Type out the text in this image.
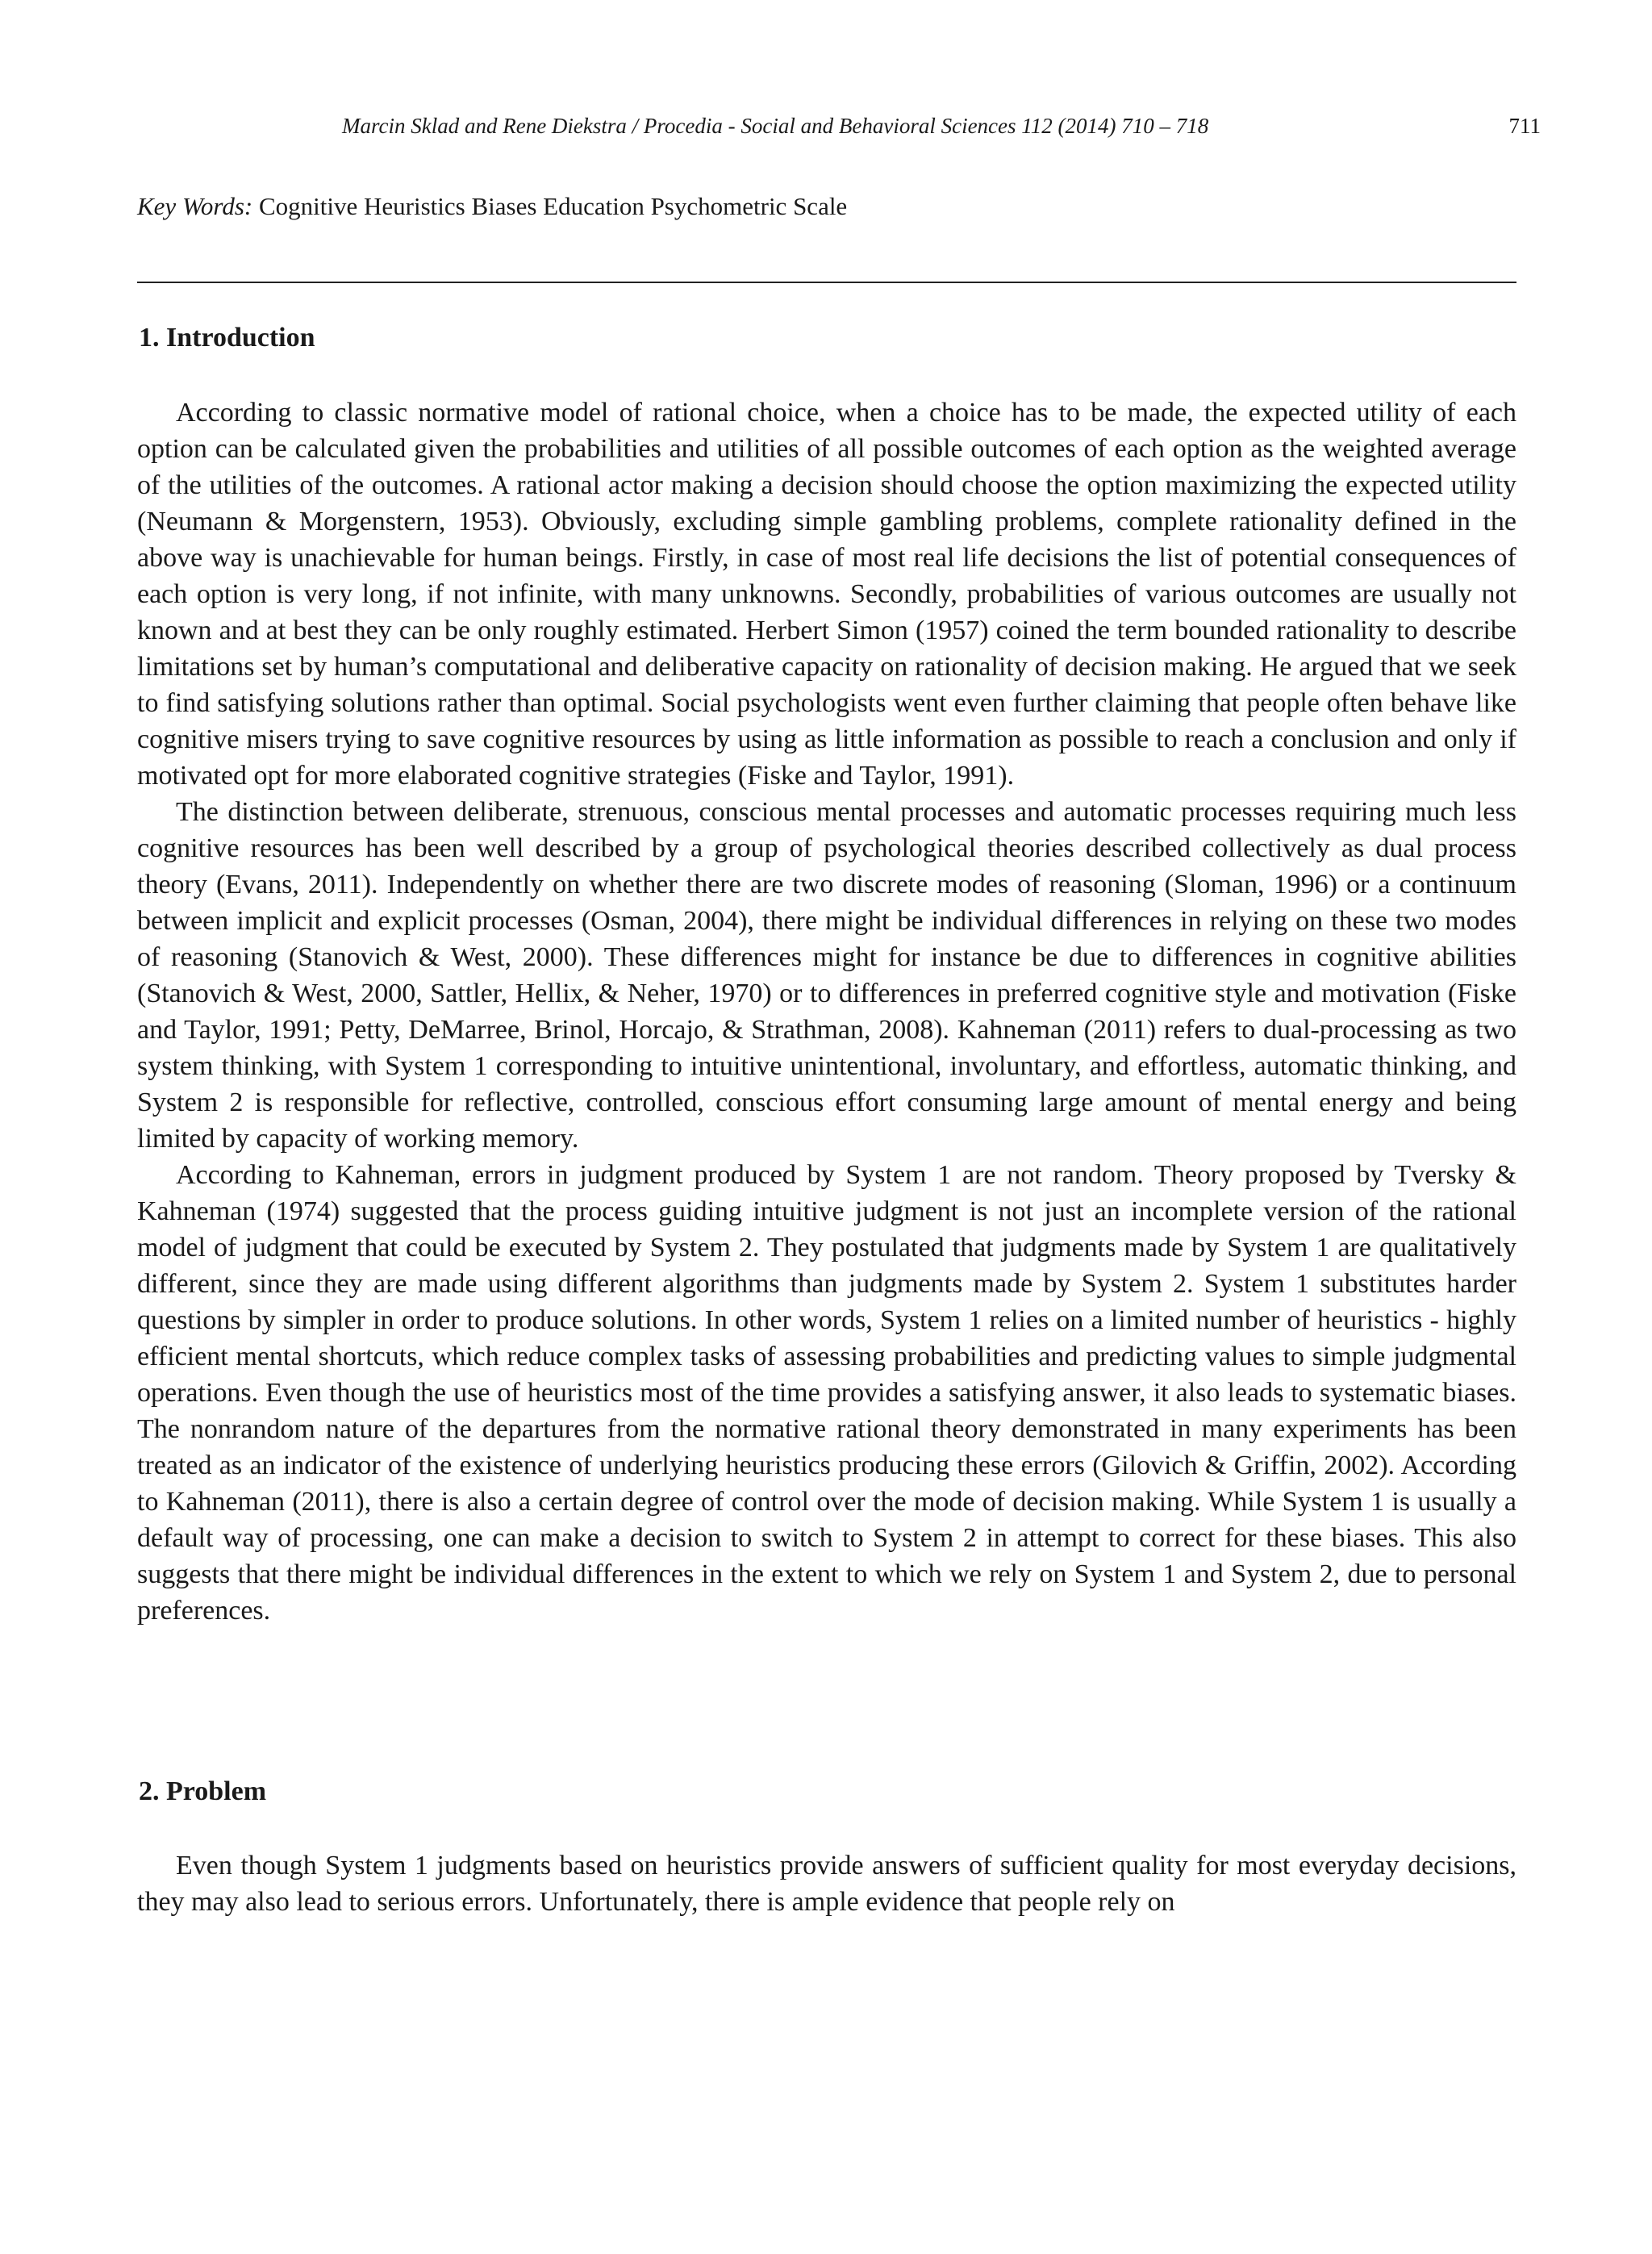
Marcin Sklad and Rene Diekstra / Procedia - Social and Behavioral Sciences 112 (2014) 710 – 718	711
Key Words: Cognitive Heuristics Biases Education Psychometric Scale
1. Introduction

According to classic normative model of rational choice, when a choice has to be made, the expected utility of each option can be calculated given the probabilities and utilities of all possible outcomes of each option as the weighted average of the utilities of the outcomes. A rational actor making a decision should choose the option maximizing the expected utility (Neumann & Morgenstern, 1953). Obviously, excluding simple gambling problems, complete rationality defined in the above way is unachievable for human beings. Firstly, in case of most real life decisions the list of potential consequences of each option is very long, if not infinite, with many unknowns. Secondly, probabilities of various outcomes are usually not known and at best they can be only roughly estimated. Herbert Simon (1957) coined the term bounded rationality to describe limitations set by human’s computational and deliberative capacity on rationality of decision making. He argued that we seek to find satisfying solutions rather than optimal. Social psychologists went even further claiming that people often behave like cognitive misers trying to save cognitive resources by using as little information as possible to reach a conclusion and only if motivated opt for more elaborated cognitive strategies (Fiske and Taylor, 1991).

The distinction between deliberate, strenuous, conscious mental processes and automatic processes requiring much less cognitive resources has been well described by a group of psychological theories described collectively as dual process theory (Evans, 2011). Independently on whether there are two discrete modes of reasoning (Sloman, 1996) or a continuum between implicit and explicit processes (Osman, 2004), there might be individual differences in relying on these two modes of reasoning (Stanovich & West, 2000). These differences might for instance be due to differences in cognitive abilities (Stanovich & West, 2000, Sattler, Hellix, & Neher, 1970) or to differences in preferred cognitive style and motivation (Fiske and Taylor, 1991; Petty, DeMarree, Brinol, Horcajo, & Strathman, 2008). Kahneman (2011) refers to dual-processing as two system thinking, with System 1 corresponding to intuitive unintentional, involuntary, and effortless, automatic thinking, and System 2 is responsible for reflective, controlled, conscious effort consuming large amount of mental energy and being limited by capacity of working memory.

According to Kahneman, errors in judgment produced by System 1 are not random. Theory proposed by Tversky & Kahneman (1974) suggested that the process guiding intuitive judgment is not just an incomplete version of the rational model of judgment that could be executed by System 2. They postulated that judgments made by System 1 are qualitatively different, since they are made using different algorithms than judgments made by System 2. System 1 substitutes harder questions by simpler in order to produce solutions. In other words, System 1 relies on a limited number of heuristics - highly efficient mental shortcuts, which reduce complex tasks of assessing probabilities and predicting values to simple judgmental operations. Even though the use of heuristics most of the time provides a satisfying answer, it also leads to systematic biases. The nonrandom nature of the departures from the normative rational theory demonstrated in many experiments has been treated as an indicator of the existence of underlying heuristics producing these errors (Gilovich & Griffin, 2002). According to Kahneman (2011), there is also a certain degree of control over the mode of decision making. While System 1 is usually a default way of processing, one can make a decision to switch to System 2 in attempt to correct for these biases. This also suggests that there might be individual differences in the extent to which we rely on System 1 and System 2, due to personal preferences.

2. Problem

Even though System 1 judgments based on heuristics provide answers of sufficient quality for most everyday decisions, they may also lead to serious errors. Unfortunately, there is ample evidence that people rely on
